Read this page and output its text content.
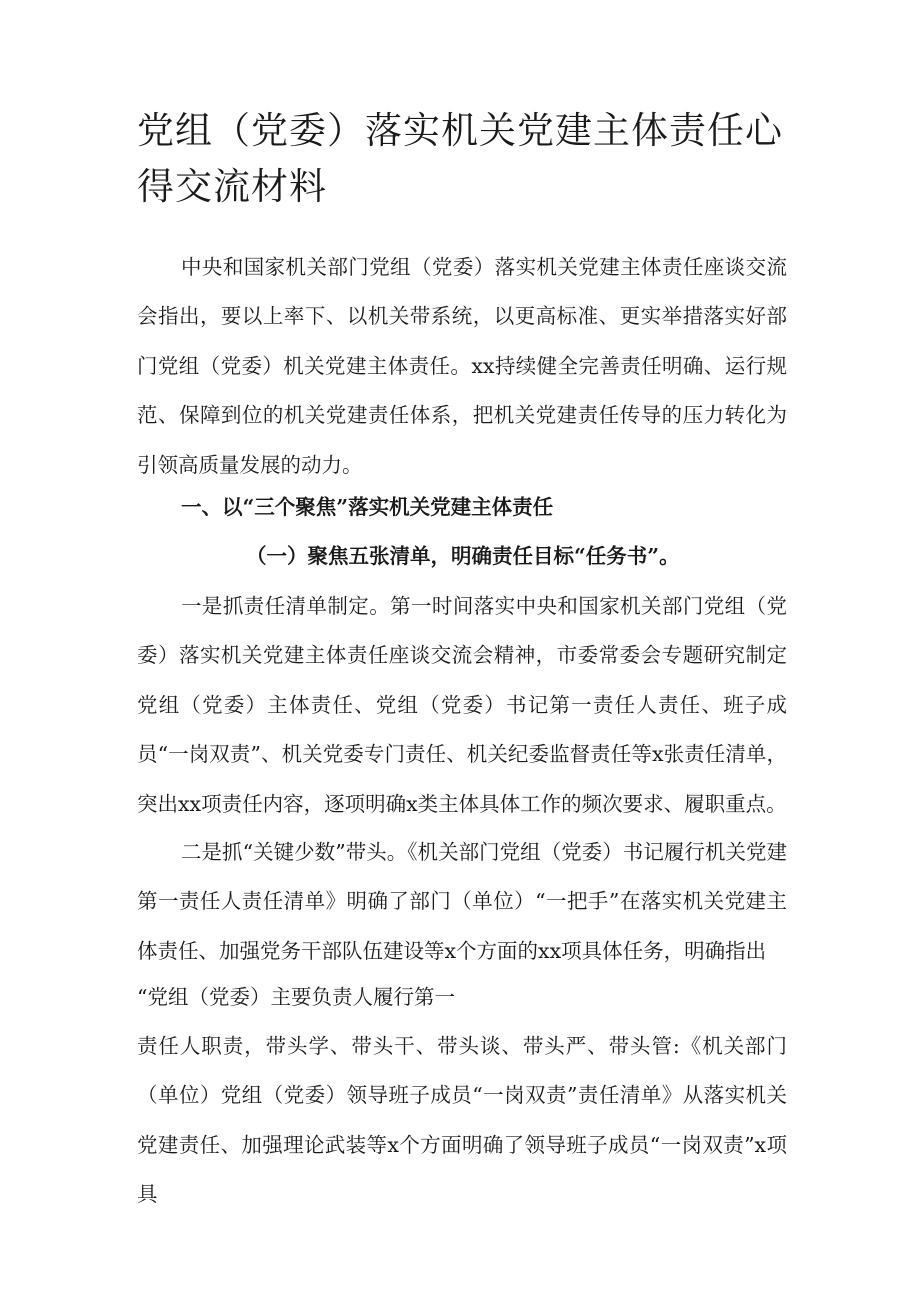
党组（党委）落实机关党建主体责任心得交流材料

中央和国家机关部门党组（党委）落实机关党建主体责任座谈交流会指出，要以上率下、以机关带系统，以更高标准、更实举措落实好部门党组（党委）机关党建主体责任。xx持续健全完善责任明确、运行规范、保障到位的机关党建责任体系，把机关党建责任传导的压力转化为引领高质量发展的动力。

一、以“三个聚焦”落实机关党建主体责任

（一）聚焦五张清单，明确责任目标“任务书”。

一是抓责任清单制定。第一时间落实中央和国家机关部门党组（党委）落实机关党建主体责任座谈交流会精神，市委常委会专题研究制定党组（党委）主体责任、党组（党委）书记第一责任人责任、班子成员“一岗双责”、机关党委专门责任、机关纪委监督责任等x张责任清单，突出xx项责任内容，逐项明确x类主体具体工作的频次要求、履职重点。

二是抓“关键少数”带头。《机关部门党组（党委）书记履行机关党建第一责任人责任清单》明确了部门（单位）“一把手”在落实机关党建主体责任、加强党务干部队伍建设等x个方面的xx项具体任务，明确指出

“党组（党委）主要负责人履行第一

责任人职责，带头学、带头干、带头谈、带头严、带头管:《机关部门（单位）党组（党委）领导班子成员“一岗双责”责任清单》从落实机关党建责任、加强理论武装等x个方面明确了领导班子成员“一岗双责”x项具
